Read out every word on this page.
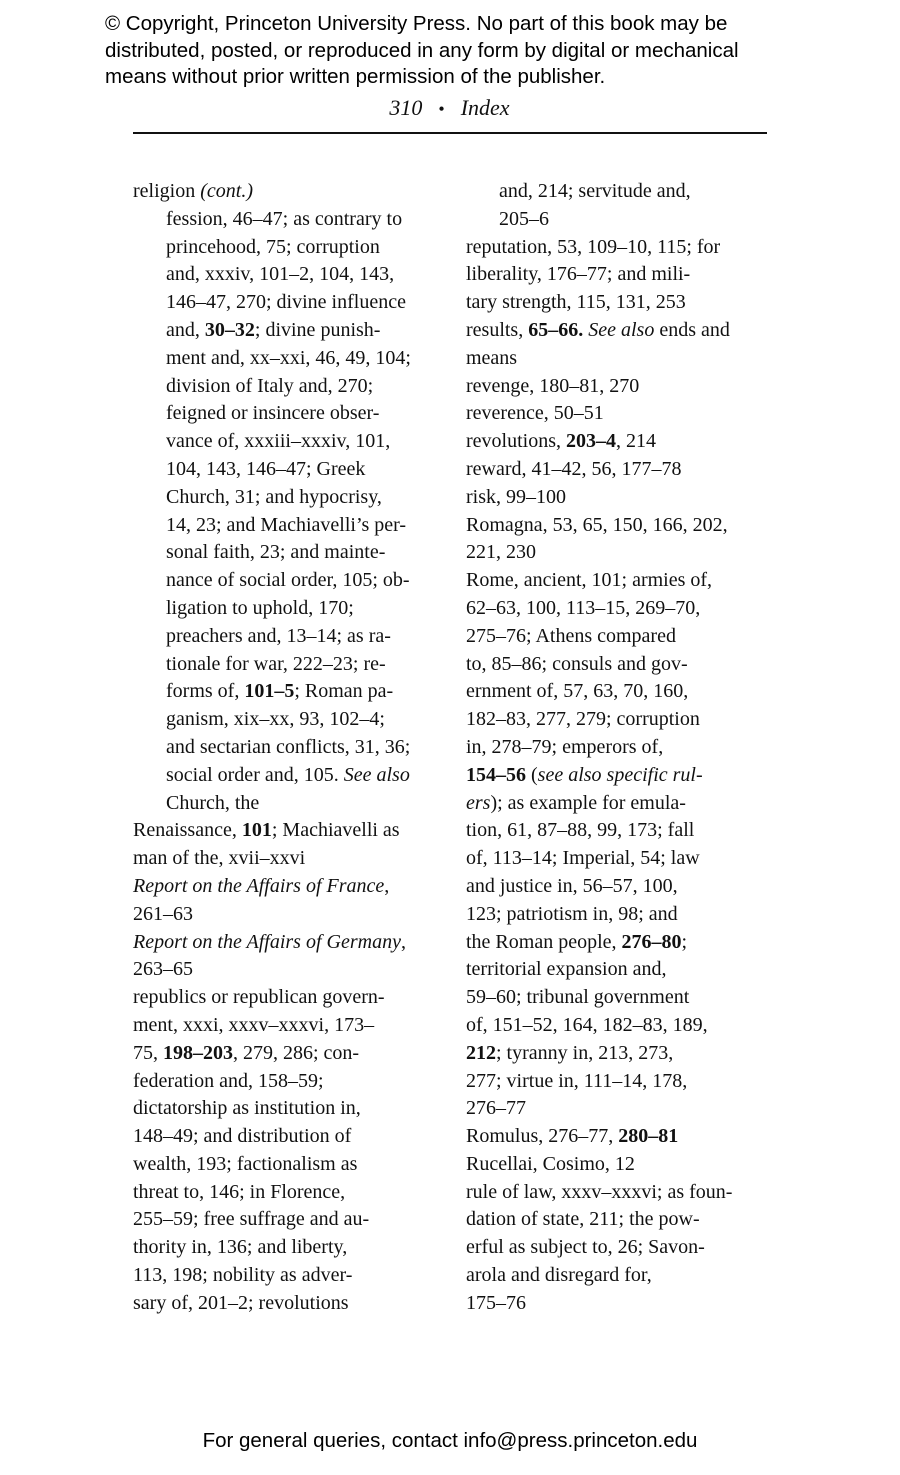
© Copyright, Princeton University Press. No part of this book may be
distributed, posted, or reproduced in any form by digital or mechanical
means without prior written permission of the publisher.
310 • Index
religion (cont.)
fession, 46–47; as contrary to
princehood, 75; corruption
and, xxxiv, 101–2, 104, 143,
146–47, 270; divine influence
and, 30–32; divine punish-
ment and, xx–xxi, 46, 49, 104;
division of Italy and, 270;
feigned or insincere obser-
vance of, xxxiii–xxxiv, 101,
104, 143, 146–47; Greek
Church, 31; and hypocrisy,
14, 23; and Machiavelli’s per-
sonal faith, 23; and mainte-
nance of social order, 105; ob-
ligation to uphold, 170;
preachers and, 13–14; as ra-
tionale for war, 222–23; re-
forms of, 101–5; Roman pa-
ganism, xix–xx, 93, 102–4;
and sectarian conflicts, 31, 36;
social order and, 105. See also
Church, the
Renaissance, 101; Machiavelli as
man of the, xvii–xxvi
Report on the Affairs of France,
261–63
Report on the Affairs of Germany,
263–65
republics or republican govern-
ment, xxxi, xxxv–xxxvi, 173–
75, 198–203, 279, 286; con-
federation and, 158–59;
dictatorship as institution in,
148–49; and distribution of
wealth, 193; factionalism as
threat to, 146; in Florence,
255–59; free suffrage and au-
thority in, 136; and liberty,
113, 198; nobility as adver-
sary of, 201–2; revolutions
and, 214; servitude and,
205–6
reputation, 53, 109–10, 115; for
liberality, 176–77; and mili-
tary strength, 115, 131, 253
results, 65–66. See also ends and
means
revenge, 180–81, 270
reverence, 50–51
revolutions, 203–4, 214
reward, 41–42, 56, 177–78
risk, 99–100
Romagna, 53, 65, 150, 166, 202,
221, 230
Rome, ancient, 101; armies of,
62–63, 100, 113–15, 269–70,
275–76; Athens compared
to, 85–86; consuls and gov-
ernment of, 57, 63, 70, 160,
182–83, 277, 279; corruption
in, 278–79; emperors of,
154–56 (see also specific rul-
ers); as example for emula-
tion, 61, 87–88, 99, 173; fall
of, 113–14; Imperial, 54; law
and justice in, 56–57, 100,
123; patriotism in, 98; and
the Roman people, 276–80;
territorial expansion and,
59–60; tribunal government
of, 151–52, 164, 182–83, 189,
212; tyranny in, 213, 273,
277; virtue in, 111–14, 178,
276–77
Romulus, 276–77, 280–81
Rucellai, Cosimo, 12
rule of law, xxxv–xxxvi; as foun-
dation of state, 211; the pow-
erful as subject to, 26; Savon-
arola and disregard for,
175–76
For general queries, contact info@press.princeton.edu
